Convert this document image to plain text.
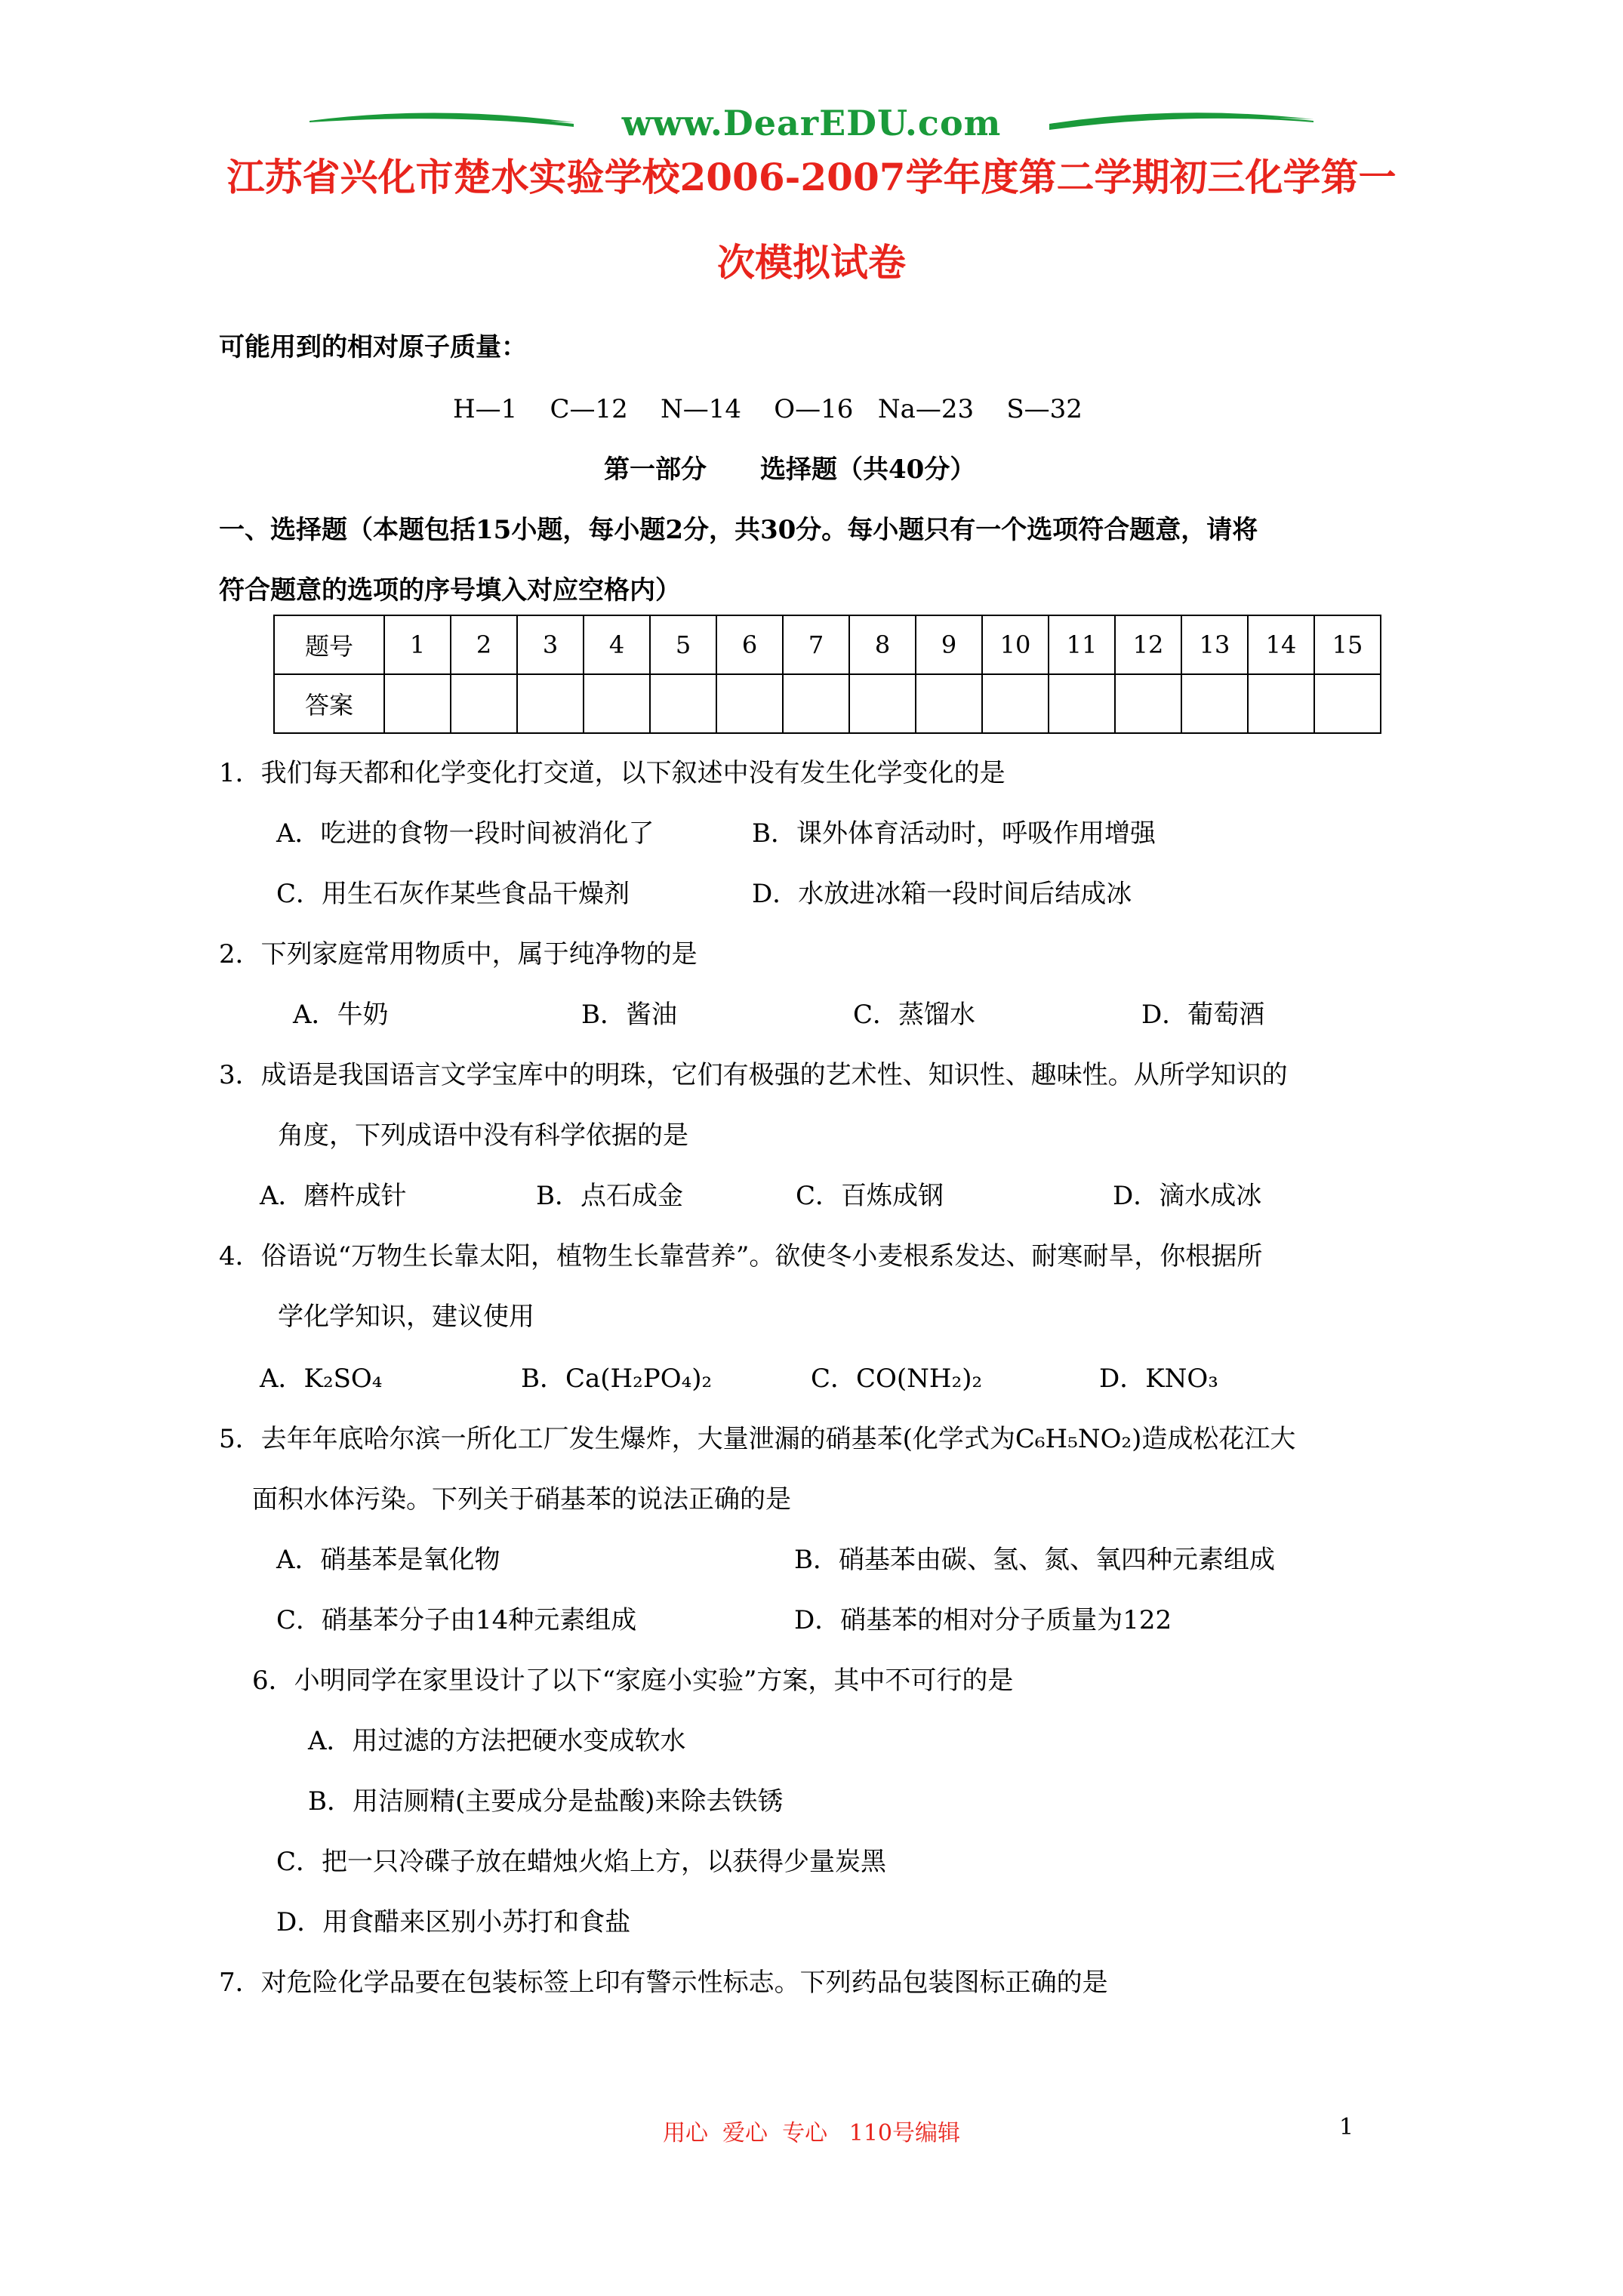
www.DearEDU.com
江苏省兴化市楚水实验学校2006-2007学年度第二学期初三化学第一
次模拟试卷
可能用到的相对原子质量：
H—1    C—12    N—14    O—16   Na—23    S—32
第一部分      选择题（共40分）
一、选择题（本题包括15小题，每小题2分，共30分。每小题只有一个选项符合题意，请将
符合题意的选项的序号填入对应空格内）
题号	1	2	3	4	5	6	7	8	9	10	11	12	13	14	15
答案															
1．我们每天都和化学变化打交道，以下叙述中没有发生化学变化的是
A．吃进的食物一段时间被消化了	B．课外体育活动时，呼吸作用增强
C．用生石灰作某些食品干燥剂	D．水放进冰箱一段时间后结成冰
2．下列家庭常用物质中，属于纯净物的是
A．牛奶	B．酱油	C．蒸馏水	D．葡萄酒
3．成语是我国语言文学宝库中的明珠，它们有极强的艺术性、知识性、趣味性。从所学知识的
角度，下列成语中没有科学依据的是
A．磨杵成针	B．点石成金	C．百炼成钢	D．滴水成冰
4．俗语说“万物生长靠太阳，植物生长靠营养”。欲使冬小麦根系发达、耐寒耐旱，你根据所
学化学知识，建议使用
A．K₂SO₄	B．Ca(H₂PO₄)₂	C．CO(NH₂)₂	D．KNO₃
5．去年年底哈尔滨一所化工厂发生爆炸，大量泄漏的硝基苯(化学式为C₆H₅NO₂)造成松花江大
面积水体污染。下列关于硝基苯的说法正确的是
A．硝基苯是氧化物	B．硝基苯由碳、氢、氮、氧四种元素组成
C．硝基苯分子由14种元素组成	D．硝基苯的相对分子质量为122
6．小明同学在家里设计了以下“家庭小实验”方案，其中不可行的是
A．用过滤的方法把硬水变成软水
B．用洁厕精(主要成分是盐酸)来除去铁锈
C．把一只冷碟子放在蜡烛火焰上方，以获得少量炭黑
D．用食醋来区别小苏打和食盐
7．对危险化学品要在包装标签上印有警示性标志。下列药品包装图标正确的是
用心  爱心  专心   110号编辑	1
